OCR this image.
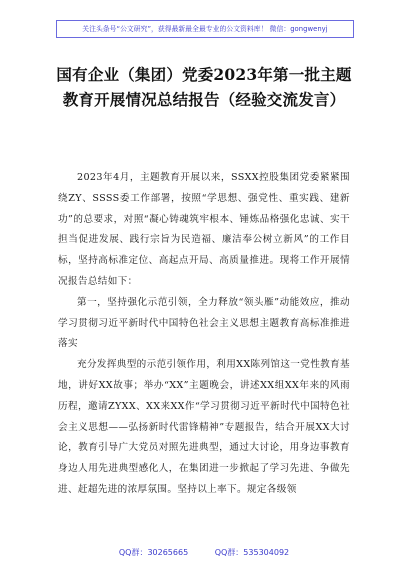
关注头条号“公文研究”，获得最新最全最专业的公文资料库！ 微信：gongwenyj
国有企业（集团）党委2023年第一批主题教育开展情况总结报告（经验交流发言）

2023年4月，主题教育开展以来，SSXX控股集团党委紧紧围绕ZY、SSSS委工作部署，按照“学思想、强党性、重实践、建新功”的总要求，对照“凝心铸魂筑牢根本、锤炼品格强化忠诚、实干担当促进发展、践行宗旨为民造福、廉洁奉公树立新风”的工作目标，坚持高标准定位、高起点开局、高质量推进。现将工作开展情况报告总结如下：

第一，坚持强化示范引领，全力释放“领头雁”动能效应，推动学习贯彻习近平新时代中国特色社会主义思想主题教育高标准推进落实

充分发挥典型的示范引领作用，利用XX陈列馆这一党性教育基地，讲好XX故事；举办“XX”主题晚会，讲述XX组XX年来的风雨历程，邀请ZYXX、XX来XX作“学习贯彻习近平新时代中国特色社会主义思想——弘扬新时代雷锋精神”专题报告，结合开展XX大讨论，教育引导广大党员对照先进典型，通过大讨论，用身边事教育身边人用先进典型感化人，在集团进一步掀起了学习先进、争做先进、赶超先进的浓厚氛围。坚持以上率下。规定各级领

QQ群：30265665	QQ群：535304092
